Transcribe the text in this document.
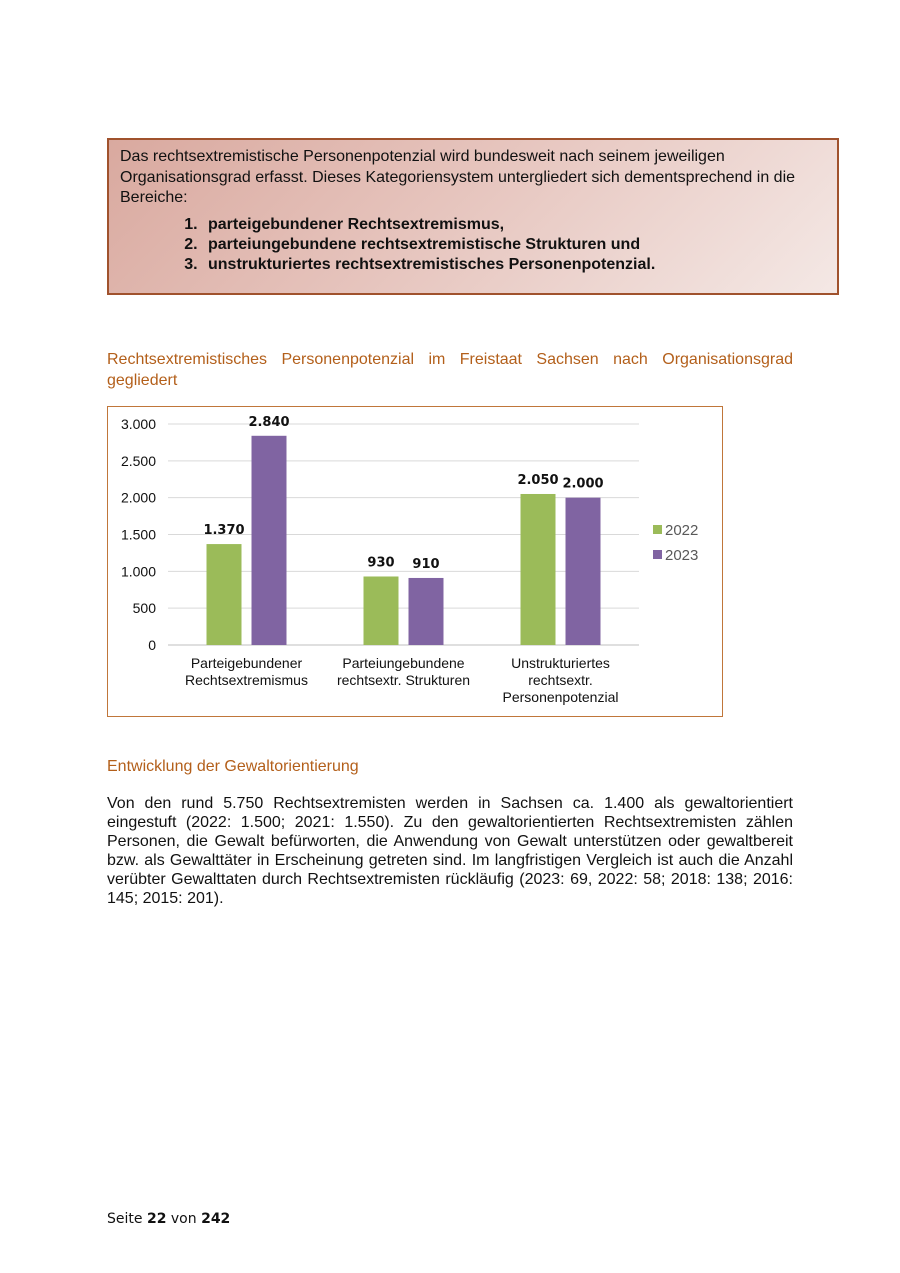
Das rechtsextremistische Personenpotenzial wird bundesweit nach seinem jeweiligen Organisationsgrad erfasst. Dieses Kategoriensystem untergliedert sich dementsprechend in die Bereiche:

1. parteigebundener Rechtsextremismus,
2. parteiungebundene rechtsextremistische Strukturen und
3. unstrukturiertes rechtsextremistisches Personenpotenzial.
Rechtsextremistisches Personenpotenzial im Freistaat Sachsen nach Organisationsgrad gegliedert
0
500
1.000
1.500
2.000
2.500
3.000
1.370
2.840
Parteigebundener
Rechtsextremismus
930 910
Parteiungebundene
rechtsextr. Strukturen
2.050 2.000
Unstrukturiertes
rechtsextr.
Personenpotenzial
2022
2023
Entwicklung der Gewaltorientierung

Von den rund 5.750 Rechtsextremisten werden in Sachsen ca. 1.400 als gewaltorientiert eingestuft (2022: 1.500; 2021: 1.550). Zu den gewaltorientierten Rechtsextremisten zählen Personen, die Gewalt befürworten, die Anwendung von Gewalt unterstützen oder gewaltbereit bzw. als Gewalttäter in Erscheinung getreten sind. Im langfristigen Vergleich ist auch die Anzahl verübter Gewalttaten durch Rechtsextremisten rückläufig (2023: 69, 2022: 58; 2018: 138; 2016: 145; 2015: 201).

Seite 22 von 242
